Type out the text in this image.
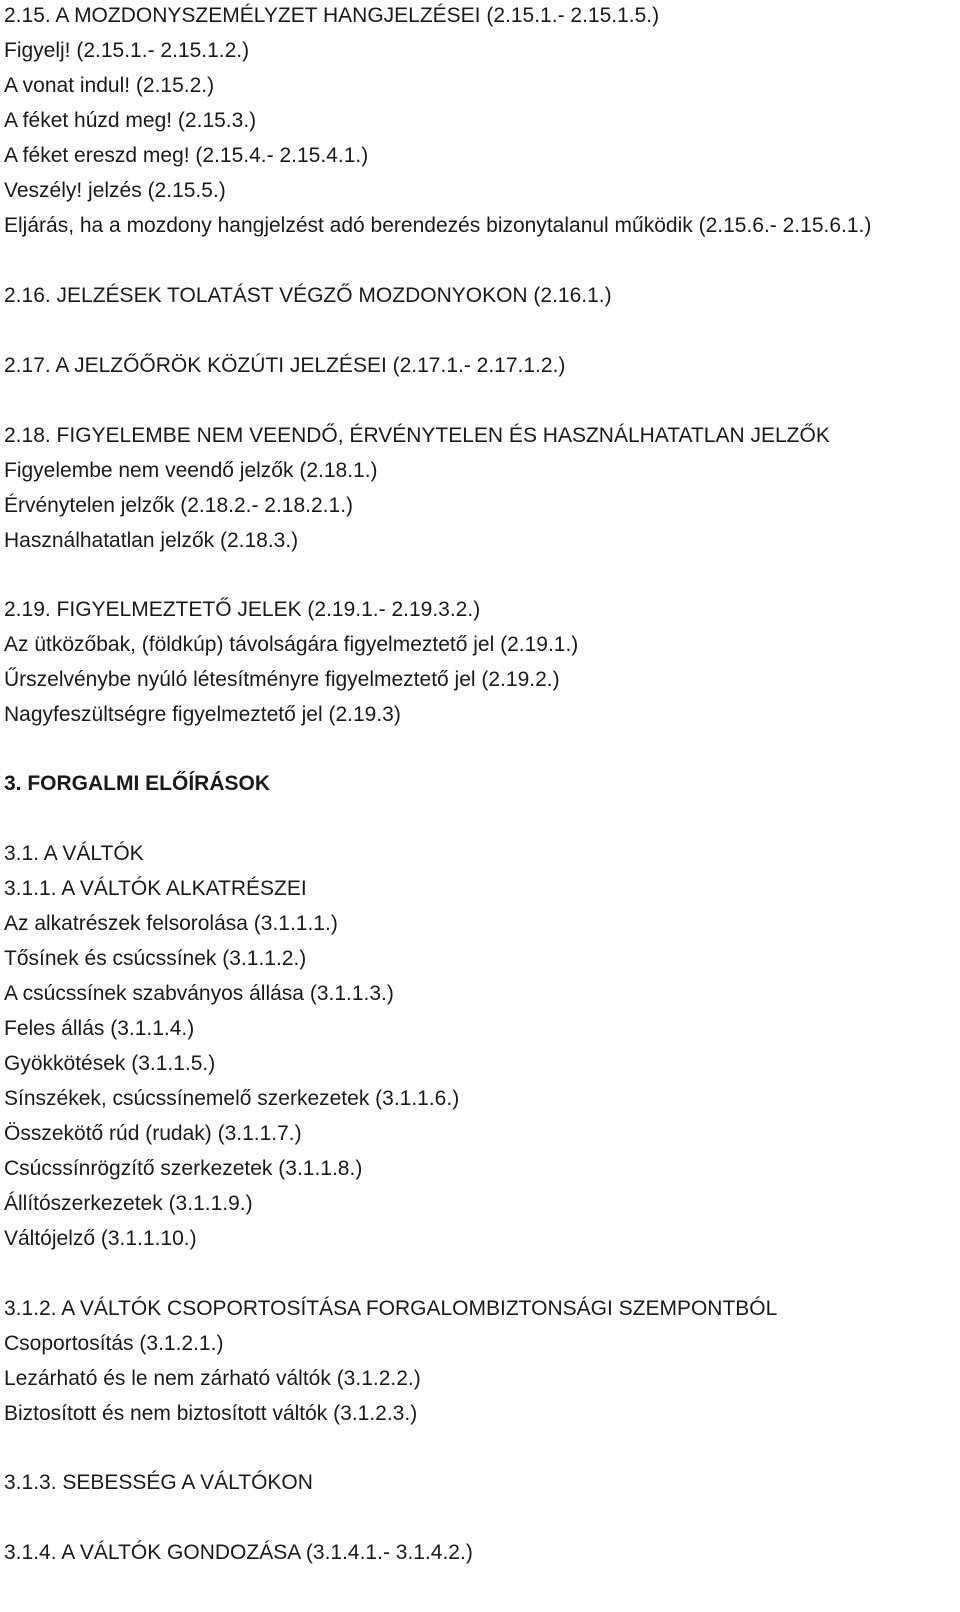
2.15. A MOZDONYSZEMÉLYZET HANGJELZÉSEI (2.15.1.- 2.15.1.5.)
Figyelj! (2.15.1.- 2.15.1.2.)
A vonat indul! (2.15.2.)
A féket húzd meg! (2.15.3.)
A féket ereszd meg! (2.15.4.- 2.15.4.1.)
Veszély! jelzés (2.15.5.)
Eljárás, ha a mozdony hangjelzést adó berendezés bizonytalanul működik (2.15.6.- 2.15.6.1.)
2.16. JELZÉSEK TOLATÁST VÉGZŐ MOZDONYOKON (2.16.1.)
2.17. A JELZŐŐRÖK KÖZÚTI JELZÉSEI (2.17.1.- 2.17.1.2.)
2.18. FIGYELEMBE NEM VEENDŐ, ÉRVÉNYTELEN ÉS HASZNÁLHATATLAN JELZŐK
Figyelembe nem veendő jelzők (2.18.1.)
Érvénytelen jelzők (2.18.2.- 2.18.2.1.)
Használhatatlan jelzők (2.18.3.)
2.19. FIGYELMEZTETŐ JELEK (2.19.1.- 2.19.3.2.)
Az ütközőbak, (földkúp) távolságára figyelmeztető jel (2.19.1.)
Űrszelvénybe nyúló létesítményre figyelmeztető jel (2.19.2.)
Nagyfeszültségre figyelmeztető jel (2.19.3)
3. FORGALMI ELŐÍRÁSOK
3.1. A VÁLTÓK
3.1.1. A VÁLTÓK ALKATRÉSZEI
Az alkatrészek felsorolása (3.1.1.1.)
Tősínek és csúcssínek (3.1.1.2.)
A csúcssínek szabványos állása (3.1.1.3.)
Feles állás (3.1.1.4.)
Gyökkötések (3.1.1.5.)
Sínszékek, csúcssínemelő szerkezetek (3.1.1.6.)
Összekötő rúd (rudak) (3.1.1.7.)
Csúcssínrögzítő szerkezetek (3.1.1.8.)
Állítószerkezetek (3.1.1.9.)
Váltójelző (3.1.1.10.)
3.1.2. A VÁLTÓK CSOPORTOSÍTÁSA FORGALOMBIZTONSÁGI SZEMPONTBÓL
Csoportosítás (3.1.2.1.)
Lezárható és le nem zárható váltók (3.1.2.2.)
Biztosított és nem biztosított váltók (3.1.2.3.)
3.1.3. SEBESSÉG A VÁLTÓKON
3.1.4. A VÁLTÓK GONDOZÁSA (3.1.4.1.- 3.1.4.2.)
